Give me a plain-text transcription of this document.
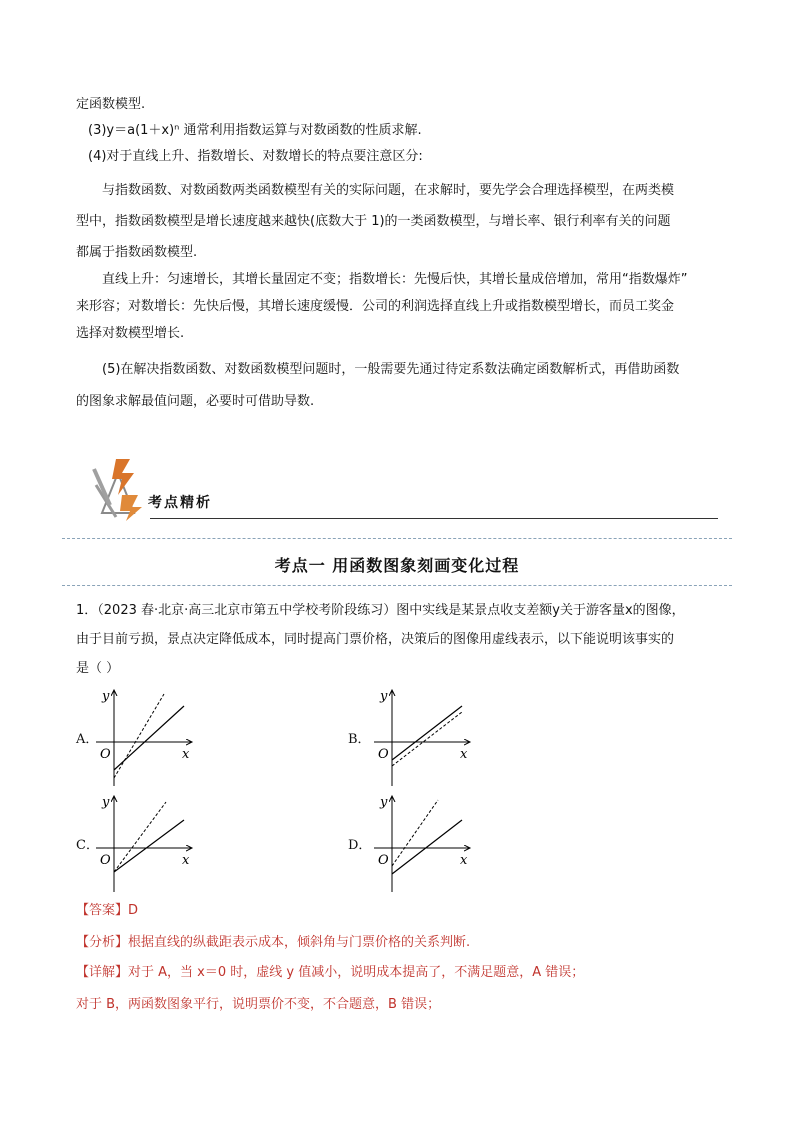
定函数模型.
(3)y＝a(1＋x)ⁿ 通常利用指数运算与对数函数的性质求解.
(4)对于直线上升、指数增长、对数增长的特点要注意区分:
与指数函数、对数函数两类函数模型有关的实际问题，在求解时，要先学会合理选择模型，在两类模
型中，指数函数模型是增长速度越来越快(底数大于 1)的一类函数模型，与增长率、银行利率有关的问题
都属于指数函数模型.
直线上升：匀速增长，其增长量固定不变；指数增长：先慢后快，其增长量成倍增加，常用“指数爆炸”
来形容；对数增长：先快后慢，其增长速度缓慢．公司的利润选择直线上升或指数模型增长，而员工奖金
选择对数模型增长.
(5)在解决指数函数、对数函数模型问题时，一般需要先通过待定系数法确定函数解析式，再借助函数
的图象求解最值问题，必要时可借助导数.
考点精析
考点一 用函数图象刻画变化过程
1．（2023 春·北京·高三北京市第五中学校考阶段练习）图中实线是某景点收支差额y关于游客量x的图像，
由于目前亏损，景点决定降低成本，同时提高门票价格，决策后的图像用虚线表示，以下能说明该事实的
是（ ）
A．
y
x
O
B．
y
x
O
C．
y
x
O
D．
y
x
O
【答案】D
【分析】根据直线的纵截距表示成本，倾斜角与门票价格的关系判断.
【详解】对于 A，当 x＝0 时，虚线 y 值减小，说明成本提高了，不满足题意，A 错误；
对于 B，两函数图象平行，说明票价不变，不合题意，B 错误；
